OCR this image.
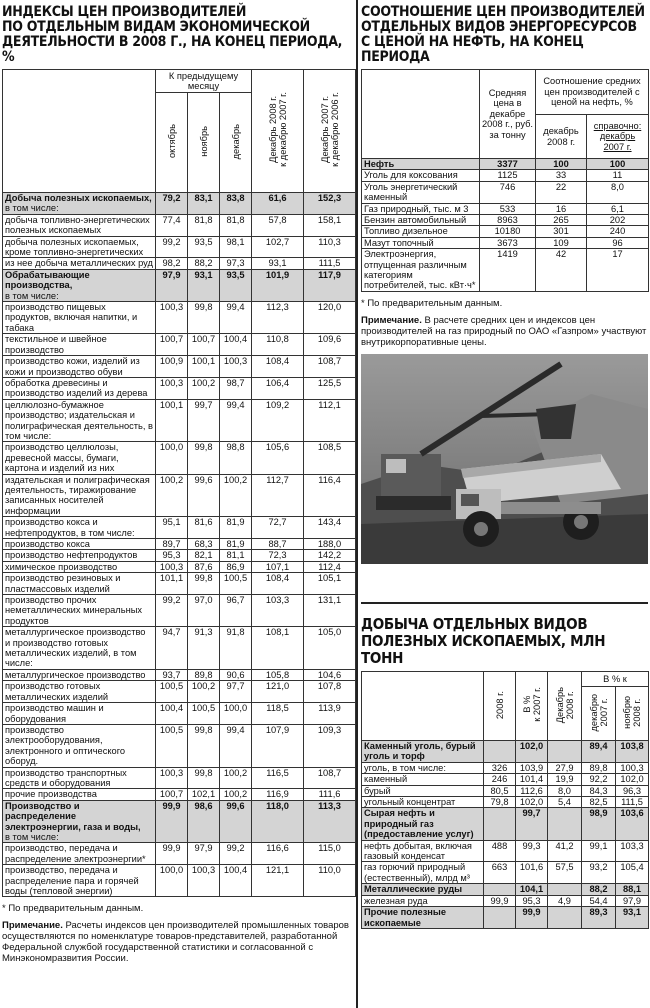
ИНДЕКСЫ ЦЕН ПРОИЗВОДИТЕЛЕЙ
ПО ОТДЕЛЬНЫМ ВИДАМ ЭКОНОМИЧЕСКОЙ
ДЕЯТЕЛЬНОСТИ В 2008 Г., НА КОНЕЦ ПЕРИОДА, %
	К предыдущему месяцу			Декабрь 2008 г.
к декабрю 2007 г.	Декабрь 2007 г.
к декабрю 2006 г.
	октябрь	ноябрь	декабрь		
Добыча полезных ископаемых,
в том числе:	79,2	83,1	83,8	61,6	152,3
добыча топливно-энергетических полезных ископаемых	77,4	81,8	81,8	57,8	158,1
добыча полезных ископаемых, кроме топливно-энергетических	99,2	93,5	98,1	102,7	110,3
из нее добыча металлических руд	98,2	88,2	97,3	93,1	111,5
Обрабатывающие производства,
в том числе:	97,9	93,1	93,5	101,9	117,9
производство пищевых продуктов, включая напитки, и табака	100,3	99,8	99,4	112,3	120,0
текстильное и швейное производство	100,7	100,7	100,4	110,8	109,6
производство кожи, изделий из кожи и производство обуви	100,9	100,1	100,3	108,4	108,7
обработка древесины и производство изделий из дерева	100,3	100,2	98,7	106,4	125,5
целлюлозно-бумажное производство; издательская и полиграфическая деятельность, в том числе:	100,1	99,7	99,4	109,2	112,1
производство целлюлозы, древесной массы, бумаги, картона и изделий из них	100,0	99,8	98,8	105,6	108,5
издательская и полиграфическая деятельность, тиражирование записанных носителей информации	100,2	99,6	100,2	112,7	116,4
производство кокса и нефтепродуктов, в том числе:	95,1	81,6	81,9	72,7	143,4
производство кокса	89,7	68,3	81,9	88,7	188,0
производство нефтепродуктов	95,3	82,1	81,1	72,3	142,2
химическое производство	100,3	87,6	86,9	107,1	112,4
производство резиновых и пластмассовых изделий	101,1	99,8	100,5	108,4	105,1
производство прочих неметаллических минеральных продуктов	99,2	97,0	96,7	103,3	131,1
металлургическое производство и производство готовых металлических изделий, в том числе:	94,7	91,3	91,8	108,1	105,0
металлургическое производство	93,7	89,8	90,6	105,8	104,6
производство готовых металлических изделий	100,5	100,2	97,7	121,0	107,8
производство машин и оборудования	100,4	100,5	100,0	118,5	113,9
производство электрооборудования, электронного и оптического оборуд.	100,5	99,8	99,4	107,9	109,3
производство транспортных средств и оборудования	100,3	99,8	100,2	116,5	108,7
прочие производства	100,7	102,1	100,2	116,9	111,6
Производство и распределение электроэнергии, газа и воды,
в том числе:	99,9	98,6	99,6	118,0	113,3
производство, передача и распределение электроэнергии*	99,9	97,9	99,2	116,6	115,0
производство, передача и распределение пара и горячей воды (тепловой энергии)	100,0	100,3	100,4	121,1	110,0
* По предварительным данным.
Примечание. Расчеты индексов цен производителей промышленных товаров осуществляются по номенклатуре товаров-представителей, разработанной Федеральной службой государственной статистики и согласованной с Минэкономразвития России.
СООТНОШЕНИЕ ЦЕН ПРОИЗВОДИТЕЛЕЙ
ОТДЕЛЬНЫХ ВИДОВ ЭНЕРГОРЕСУРСОВ
С ЦЕНОЙ НА НЕФТЬ, НА КОНЕЦ ПЕРИОДА
	Средняя цена в декабре 2008 г., руб. за тонну	Соотношение средних цен производителей с ценой на нефть, %	
		декабрь 2008 г.	справочно: декабрь 2007 г.
Нефть	3377	100	100
Уголь для коксования	1125	33	11
Уголь энергетический каменный	746	22	8,0
Газ природный, тыс. м 3	533	16	6,1
Бензин автомобильный	8963	265	202
Топливо дизельное	10180	301	240
Мазут топочный	3673	109	96
Электроэнергия, отпущенная различным категориям потребителей, тыс. кВт·ч*	1419	42	17
* По предварительным данным.
Примечание. В расчете средних цен и индексов цен производителей на газ природный по ОАО «Газпром» участвуют внутрикорпоративные цены.
ДОБЫЧА ОТДЕЛЬНЫХ ВИДОВ
ПОЛЕЗНЫХ ИСКОПАЕМЫХ, МЛН ТОНН
	2008 г.	В %
к 2007 г.	Декабрь
2008 г.	В % к	
				декабрю
2007 г.	ноябрю
2008 г.
Каменный уголь, бурый уголь и торф		102,0		89,4	103,8
уголь, в том числе:	326	103,9	27,9	89,8	100,3
каменный	246	101,4	19,9	92,2	102,0
бурый	80,5	112,6	8,0	84,3	96,3
угольный концентрат	79,8	102,0	5,4	82,5	111,5
Сырая нефть и природный газ (предоставление услуг)		99,7		98,9	103,6
нефть добытая, включая газовый конденсат	488	99,3	41,2	99,1	103,3
газ горючий природный (естественный), млрд м³	663	101,6	57,5	93,2	105,4
Металлические руды		104,1		88,2	88,1
железная руда	99,9	95,3	4,9	54,4	97,9
Прочие полезные ископаемые		99,9		89,3	93,1
